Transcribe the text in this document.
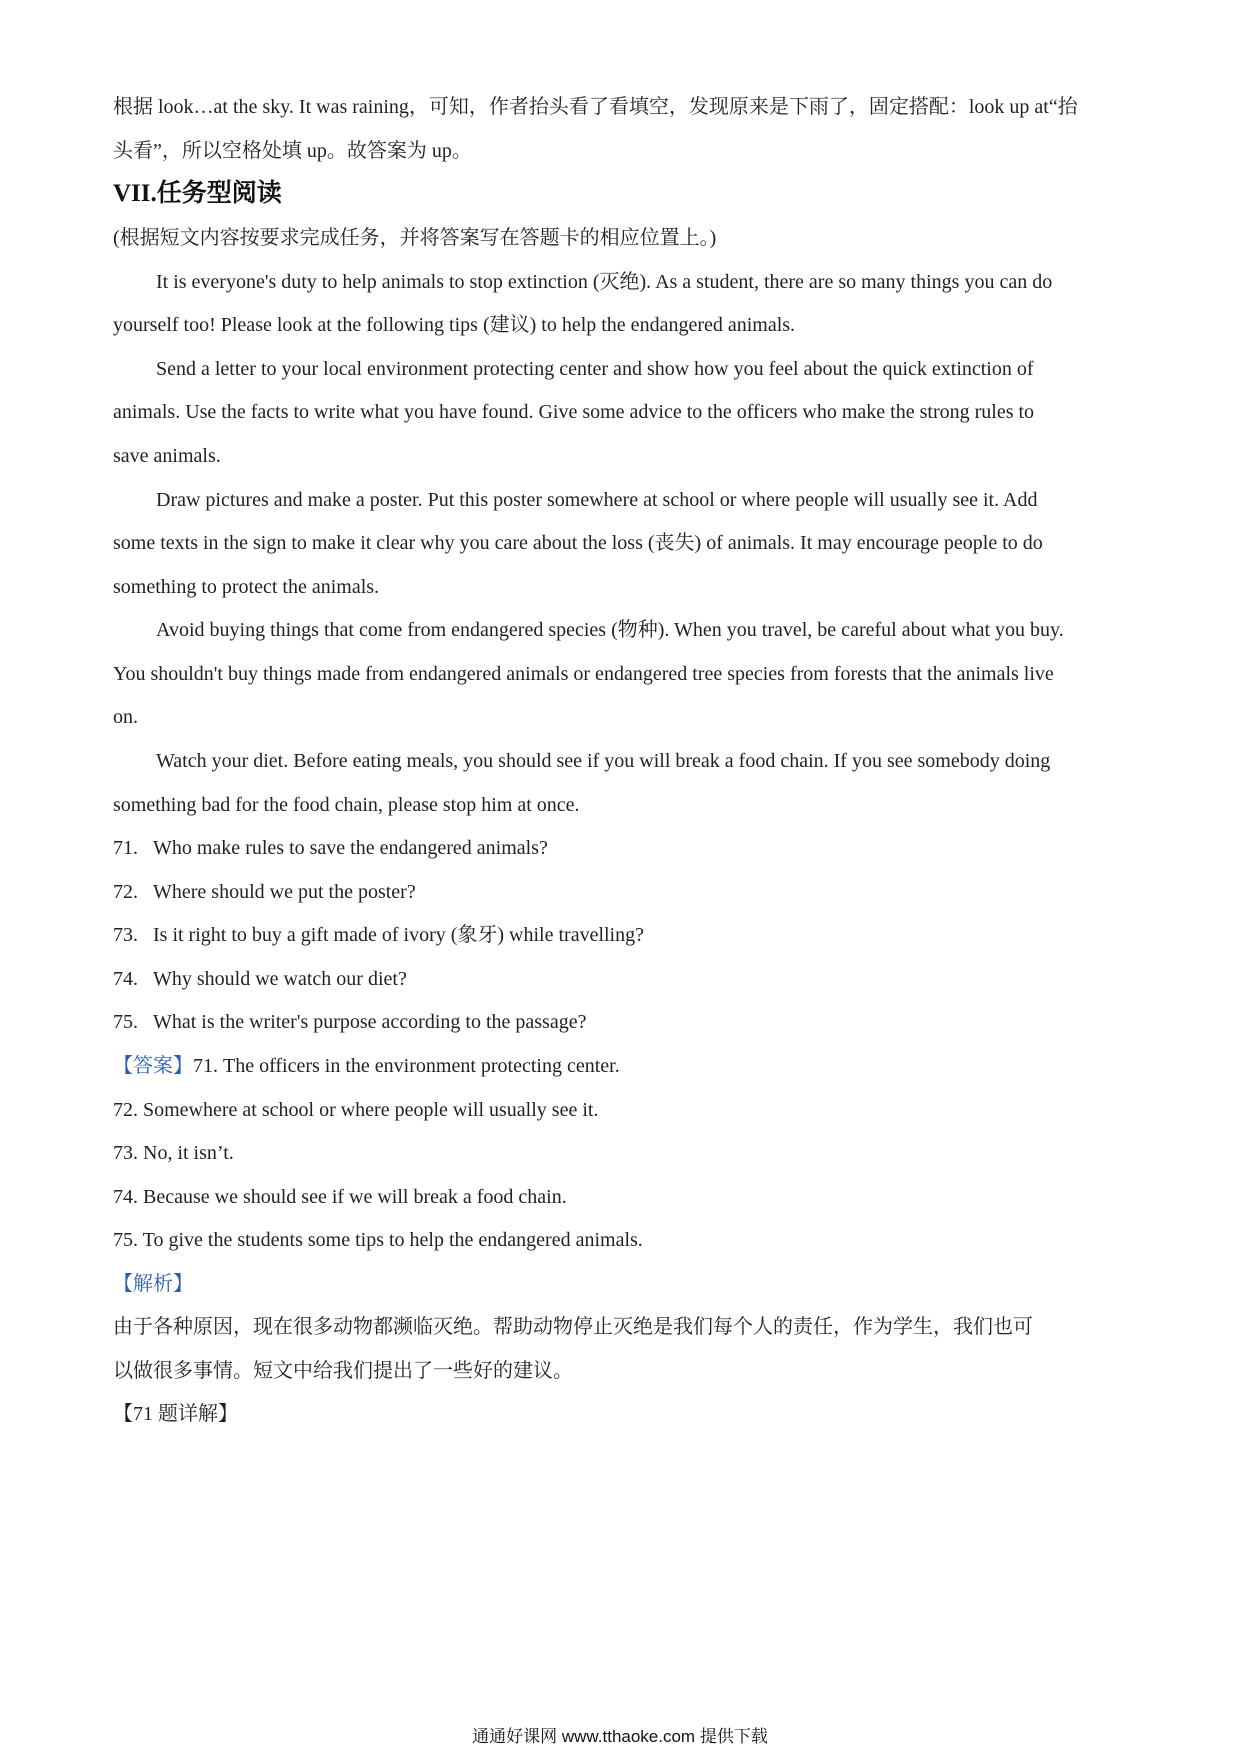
根据 look…at the sky. It was raining，可知，作者抬头看了看填空，发现原来是下雨了，固定搭配：look up at“抬
头看”，所以空格处填 up。故答案为 up。
VII.任务型阅读
(根据短文内容按要求完成任务，并将答案写在答题卡的相应位置上。)
It is everyone's duty to help animals to stop extinction (灭绝). As a student, there are so many things you can do
yourself too! Please look at the following tips (建议) to help the endangered animals.
Send a letter to your local environment protecting center and show how you feel about the quick extinction of
animals. Use the facts to write what you have found. Give some advice to the officers who make the strong rules to
save animals.
Draw pictures and make a poster. Put this poster somewhere at school or where people will usually see it. Add
some texts in the sign to make it clear why you care about the loss (丧失) of animals. It may encourage people to do
something to protect the animals.
Avoid buying things that come from endangered species (物种). When you travel, be careful about what you buy.
You shouldn't buy things made from endangered animals or endangered tree species from forests that the animals live
on.
Watch your diet. Before eating meals, you should see if you will break a food chain. If you see somebody doing
something bad for the food chain, please stop him at once.
71. Who make rules to save the endangered animals?
72. Where should we put the poster?
73. Is it right to buy a gift made of ivory (象牙) while travelling?
74. Why should we watch our diet?
75. What is the writer's purpose according to the passage?
【答案】71. The officers in the environment protecting center.
72. Somewhere at school or where people will usually see it.
73. No, it isn’t.
74. Because we should see if we will break a food chain.
75. To give the students some tips to help the endangered animals.
【解析】
由于各种原因，现在很多动物都濒临灭绝。帮助动物停止灭绝是我们每个人的责任，作为学生，我们也可
以做很多事情。短文中给我们提出了一些好的建议。
【71 题详解】
通通好课网 www.tthaoke.com 提供下载
